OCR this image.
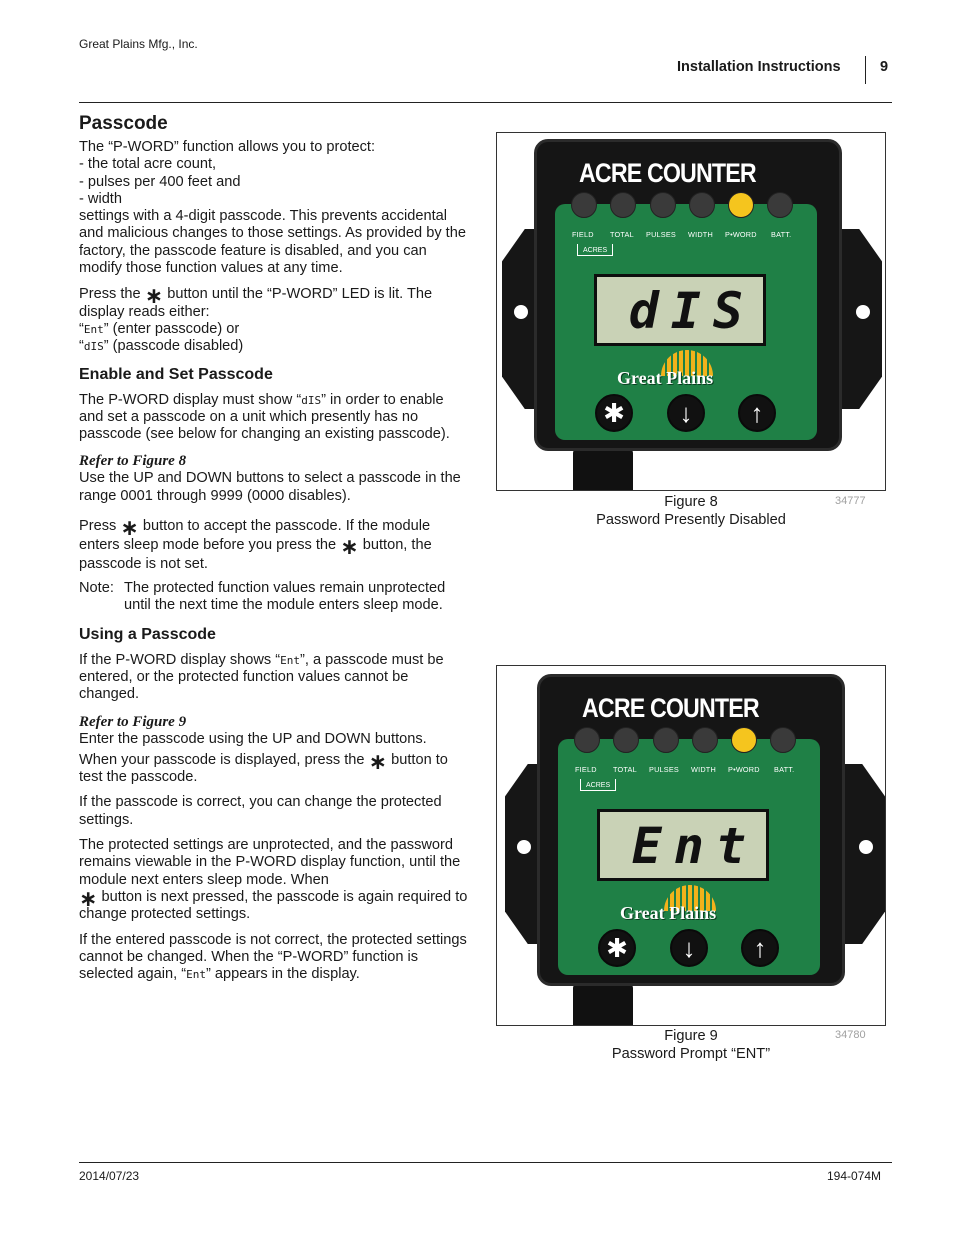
Great Plains Mfg., Inc.
Installation Instructions	9
Passcode

The “P-WORD” function allows you to protect:
- the total acre count,
- pulses per 400 feet and
- width
settings with a 4-digit passcode. This prevents accidental and malicious changes to those settings. As provided by the factory, the passcode feature is disabled, and you can modify those function values at any time.

Press the ∗ button until the “P-WORD” LED is lit. The display reads either:
“Ent” (enter passcode) or
“dIS” (passcode disabled)

Enable and Set Passcode

The P-WORD display must show “dIS” in order to enable and set a passcode on a unit which presently has no passcode (see below for changing an existing passcode).

Refer to Figure 8

Use the UP and DOWN buttons to select a passcode in the range 0001 through 9999 (0000 disables).

Press ∗ button to accept the passcode. If the module enters sleep mode before you press the ∗ button, the passcode is not set.

Note: The protected function values remain unprotected until the next time the module enters sleep mode.
Using a Passcode

If the P-WORD display shows “Ent”, a passcode must be entered, or the protected function values cannot be changed.

Refer to Figure 9

Enter the passcode using the UP and DOWN buttons.

When your passcode is displayed, press the ∗ button to test the passcode.

If the passcode is correct, you can change the protected settings.

The protected settings are unprotected, and the password remains viewable in the P-WORD display function, until the module next enters sleep mode. When
∗ button is next pressed, the passcode is again required to change protected settings.

If the entered passcode is not correct, the protected settings cannot be changed. When the “P-WORD” function is selected again, “Ent” appears in the display.

ACRE COUNTER
FIELD TOTAL PULSES WIDTH P•WORD BATT.
ACRES
dIS
Great Plains
✱	↓	↑
Figure 8
Password Presently Disabled
34777
ACRE COUNTER
FIELD TOTAL PULSES WIDTH P•WORD BATT.
ACRES
Ent
Great Plains
✱	↓	↑
Figure 9
Password Prompt “ENT”
34780
2014/07/23	194-074M
